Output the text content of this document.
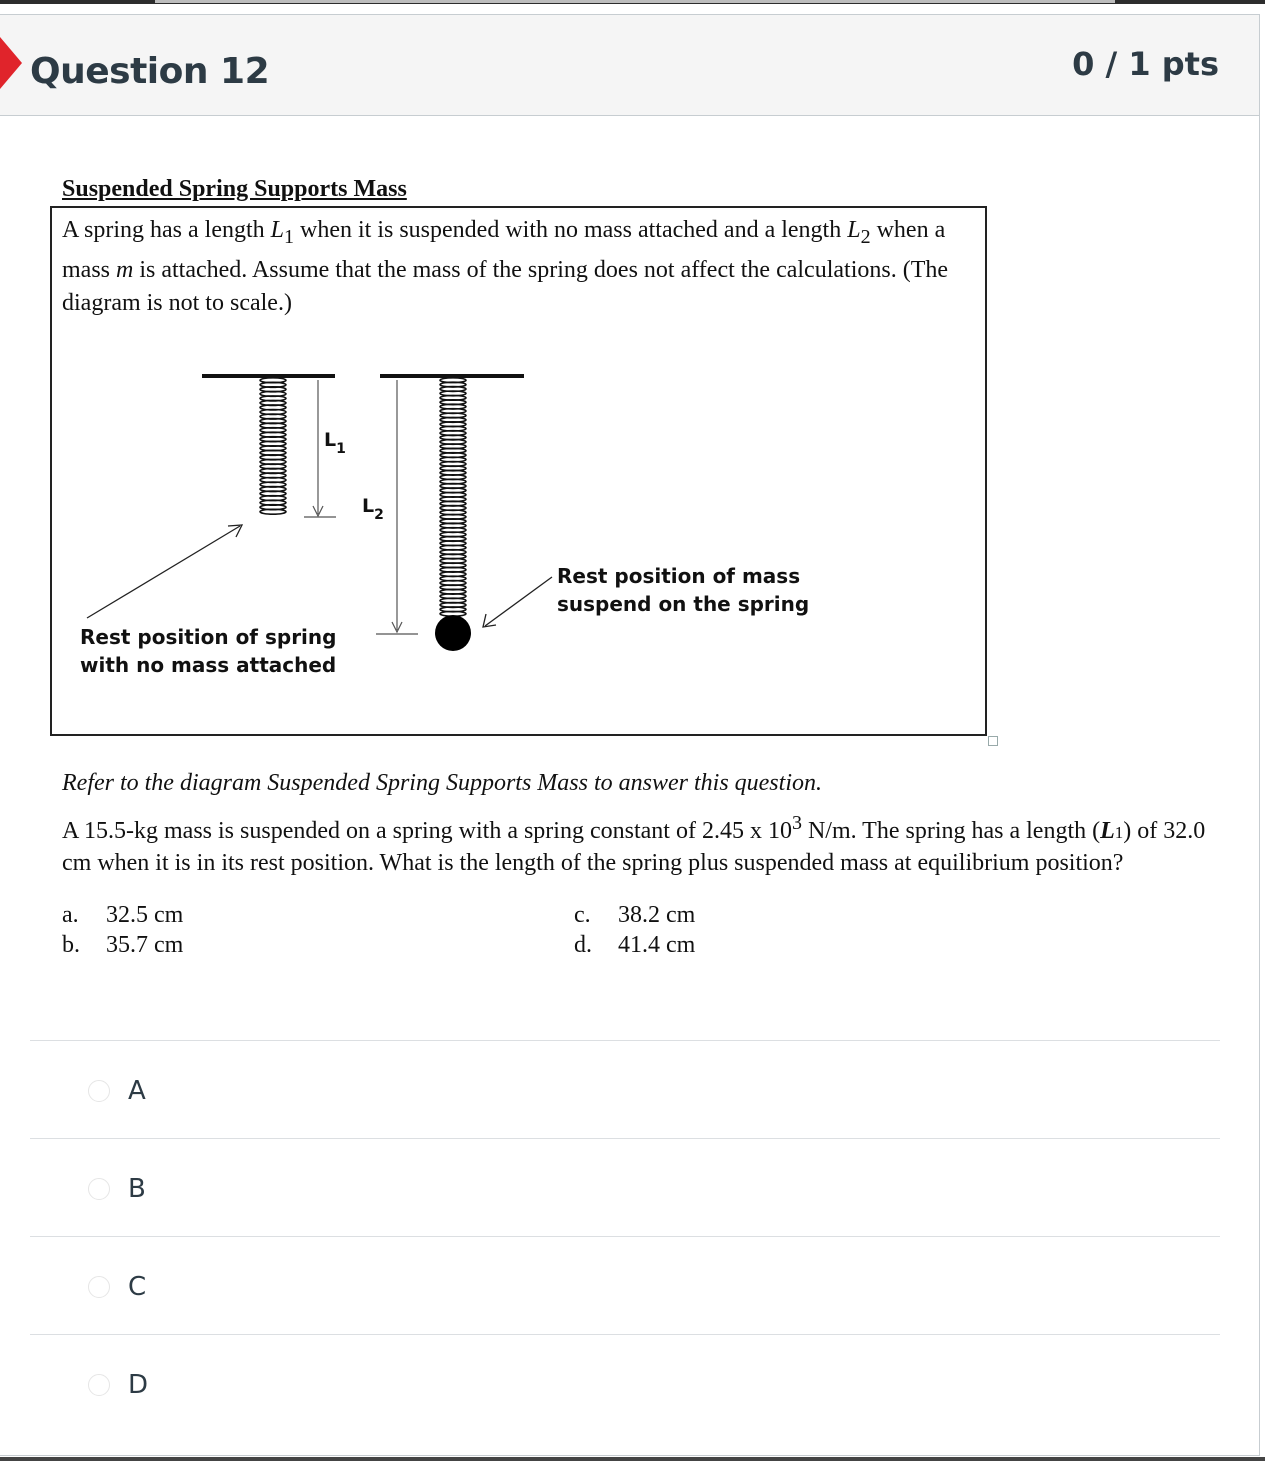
Question 12	0 / 1 pts
Suspended Spring Supports Mass
A spring has a length $L_1$ when it is suspended with no mass attached and a length $L_2$ when a mass m is attached. Assume that the mass of the spring does not affect the calculations. (The diagram is not to scale.)
$L_1$
$L_2$
Rest position of spring
with no mass attached
Rest position of mass
suspend on the spring
Refer to the diagram Suspended Spring Supports Mass to answer this question.
A 15.5-kg mass is suspended on a spring with a spring constant of 2.45 x $10^3$ N/m. The spring has a length (L1) of 32.0 cm when it is in its rest position. What is the length of the spring plus suspended mass at equilibrium position?
a. 32.5 cm
b. 35.7 cm
c. 38.2 cm
d. 41.4 cm
A
B
C
D
